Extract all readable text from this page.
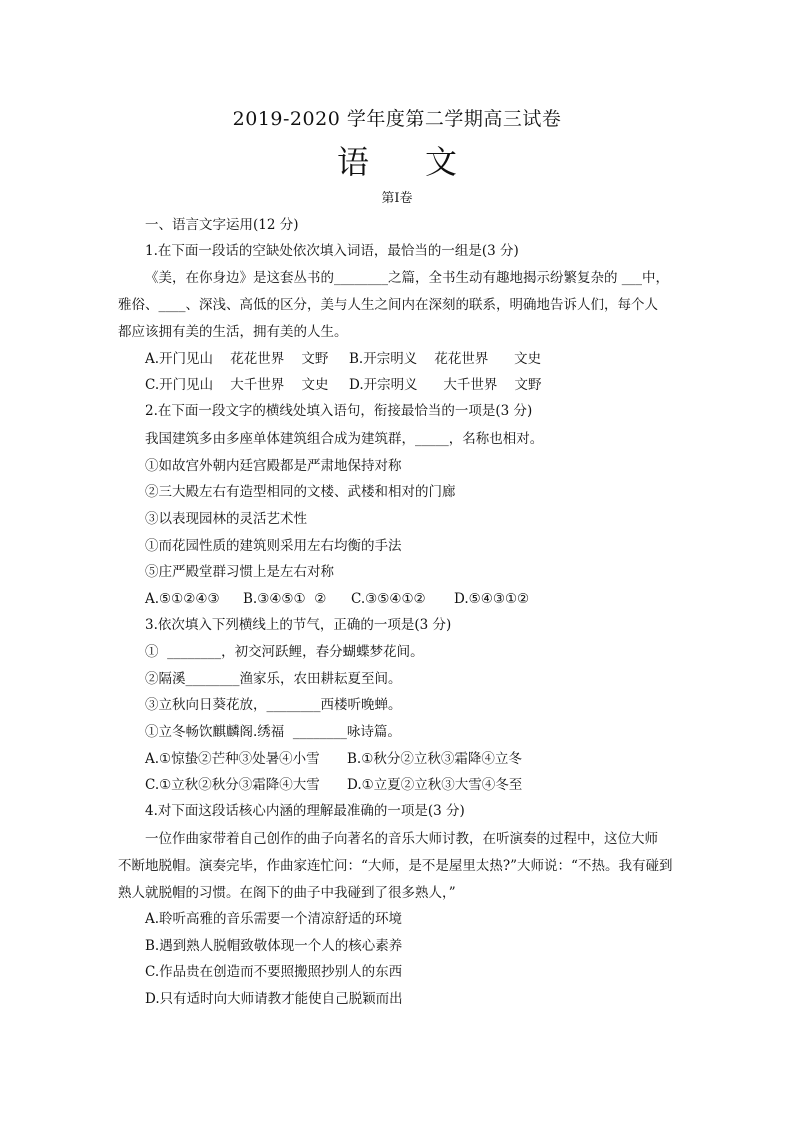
2019-2020 学年度第二学期高三试卷
语 文
第Ⅰ卷
一、语言文字运用(12 分)
1.在下面一段话的空缺处依次填入词语，最恰当的一组是(3 分)
《美，在你身边》是这套丛书的________之篇，全书生动有趣地揭示纷繁复杂的 ___中，
雅俗、____、深浅、高低的区分，美与人生之间内在深刻的联系，明确地告诉人们，每个人
都应该拥有美的生活，拥有美的人生。
A.开门见山    花花世界    文野 B.开宗明义    花花世界      文史
C.开门见山    大千世界    文史 D.开宗明义      大千世界    文野
2.在下面一段文字的横线处填入语句，衔接最恰当的一项是(3 分)
我国建筑多由多座单体建筑组合成为建筑群，_____，名称也相对。
①如故宫外朝内廷宫殿都是严肃地保持对称
②三大殿左右有造型相同的文楼、武楼和相对的门廊
③以表现园林的灵活艺术性
①而花园性质的建筑则采用左右均衡的手法
⑤庄严殿堂群习惯上是左右对称
A.⑤①②④③ B.③④⑤①  ② C.③⑤④①② D.⑤④③①②
3.依次填入下列横线上的节气，正确的一项是(3 分)
①  ________，初交河跃鲤，春分蝴蝶梦花间。
②隔溪________渔家乐，农田耕耘夏至间。
③立秋向日葵花放，________西楼听晚蝉。
①立冬畅饮麒麟阁.绣福  ________咏诗篇。
A.①惊蛰②芒种③处暑④小雪 B.①秋分②立秋③霜降④立冬
C.①立秋②秋分③霜降④大雪 D.①立夏②立秋③大雪④冬至
4.对下面这段话核心内涵的理解最准确的一项是(3 分)
一位作曲家带着自己创作的曲子向著名的音乐大师讨教，在听演奏的过程中，这位大师
不断地脱帽。演奏完毕，作曲家连忙问：“大师，是不是屋里太热?”大师说：“不热。我有碰到
熟人就脱帽的习惯。在阁下的曲子中我碰到了很多熟人，”
A.聆听高雅的音乐需要一个清凉舒适的环境
B.遇到熟人脱帽致敬体现一个人的核心素养
C.作品贵在创造而不要照搬照抄别人的东西
D.只有适时向大师请教才能使自己脱颖而出
